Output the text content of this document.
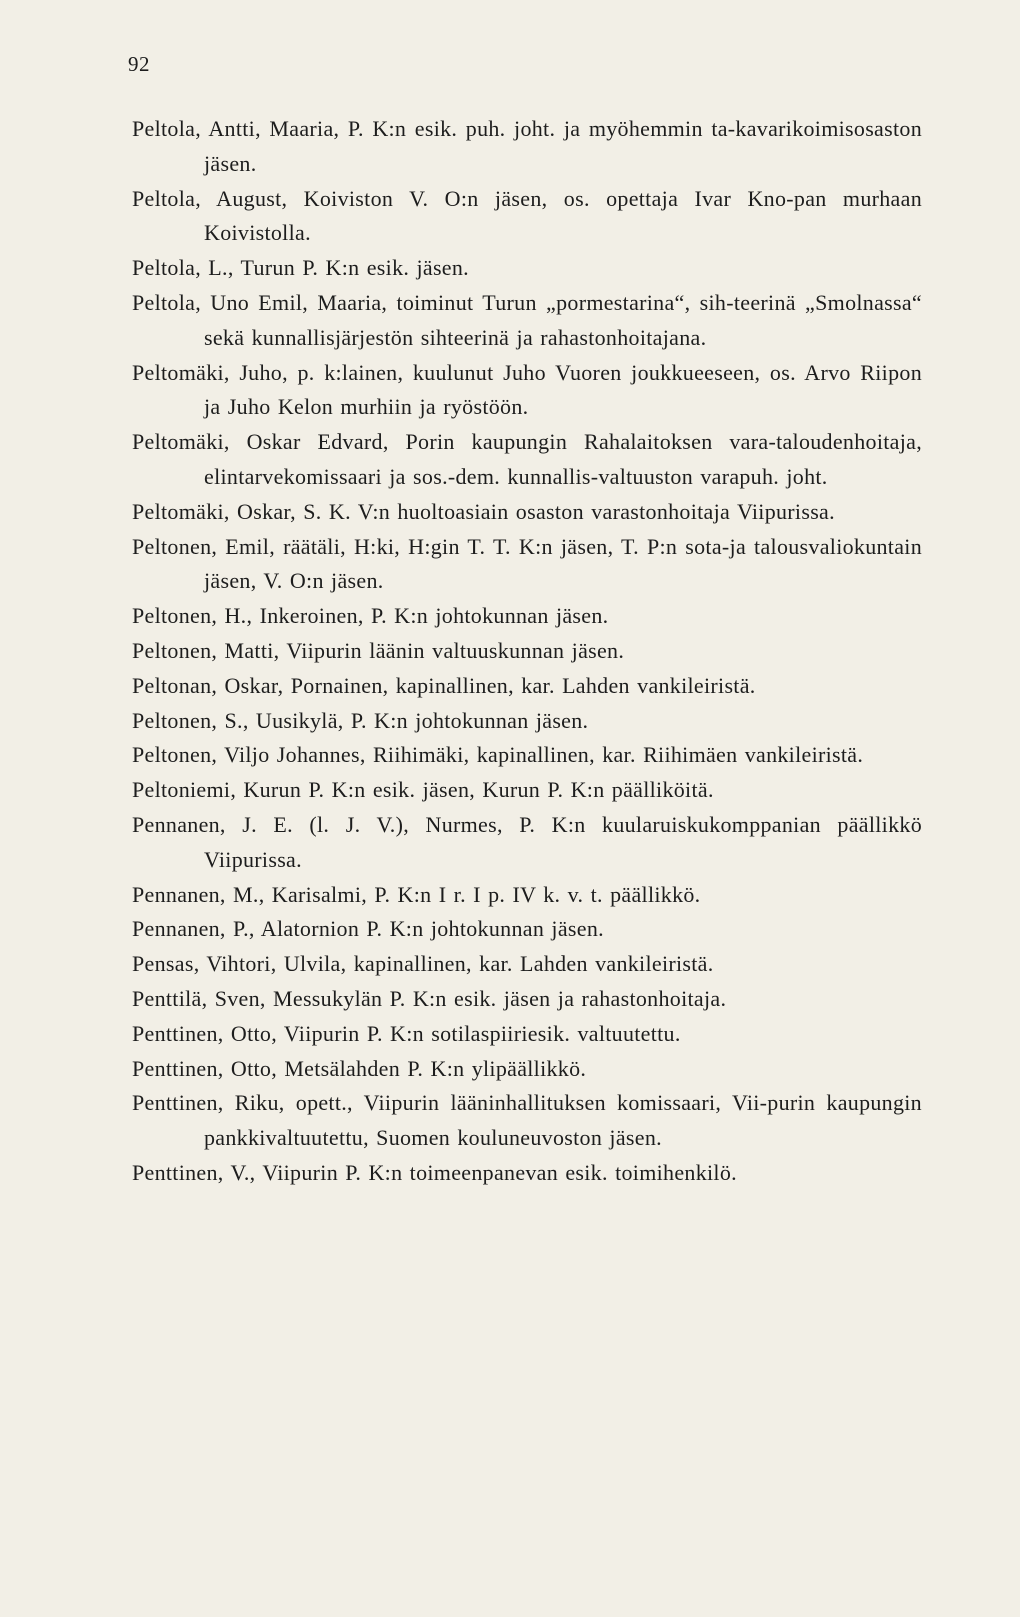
92
Peltola, Antti, Maaria, P. K:n esik. puh. joht. ja myöhemmin ta-kavarikoimisosaston jäsen.
Peltola, August, Koiviston V. O:n jäsen, os. opettaja Ivar Kno-pan murhaan Koivistolla.
Peltola, L., Turun P. K:n esik. jäsen.
Peltola, Uno Emil, Maaria, toiminut Turun „pormestarina“, sih-teerinä „Smolnassa“ sekä kunnallisjärjestön sihteerinä ja rahastonhoitajana.
Peltomäki, Juho, p. k:lainen, kuulunut Juho Vuoren joukkueeseen, os. Arvo Riipon ja Juho Kelon murhiin ja ryöstöön.
Peltomäki, Oskar Edvard, Porin kaupungin Rahalaitoksen vara-taloudenhoitaja, elintarvekomissaari ja sos.-dem. kunnallis-valtuuston varapuh. joht.
Peltomäki, Oskar, S. K. V:n huoltoasiain osaston varastonhoitaja Viipurissa.
Peltonen, Emil, räätäli, H:ki, H:gin T. T. K:n jäsen, T. P:n sota-ja talousvaliokuntain jäsen, V. O:n jäsen.
Peltonen, H., Inkeroinen, P. K:n johtokunnan jäsen.
Peltonen, Matti, Viipurin läänin valtuuskunnan jäsen.
Peltonan, Oskar, Pornainen, kapinallinen, kar. Lahden vankileiristä.
Peltonen, S., Uusikylä, P. K:n johtokunnan jäsen.
Peltonen, Viljo Johannes, Riihimäki, kapinallinen, kar. Riihimäen vankileiristä.
Peltoniemi, Kurun P. K:n esik. jäsen, Kurun P. K:n päälliköitä.
Pennanen, J. E. (l. J. V.), Nurmes, P. K:n kuularuiskukomppanian päällikkö Viipurissa.
Pennanen, M., Karisalmi, P. K:n I r. I p. IV k. v. t. päällikkö.
Pennanen, P., Alatornion P. K:n johtokunnan jäsen.
Pensas, Vihtori, Ulvila, kapinallinen, kar. Lahden vankileiristä.
Penttilä, Sven, Messukylän P. K:n esik. jäsen ja rahastonhoitaja.
Penttinen, Otto, Viipurin P. K:n sotilaspiiriesik. valtuutettu.
Penttinen, Otto, Metsälahden P. K:n ylipäällikkö.
Penttinen, Riku, opett., Viipurin lääninhallituksen komissaari, Vii-purin kaupungin pankkivaltuutettu, Suomen kouluneuvoston jäsen.
Penttinen, V., Viipurin P. K:n toimeenpanevan esik. toimihenkilö.
